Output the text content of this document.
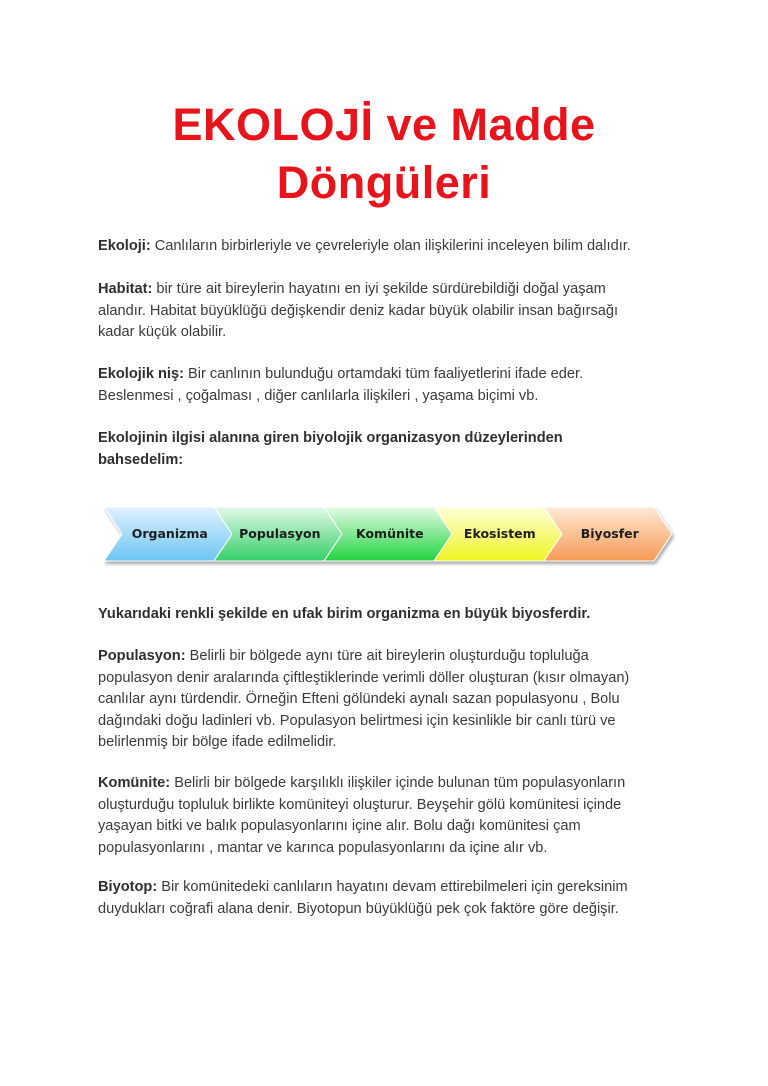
EKOLOJİ ve Madde
Döngüleri
Ekoloji: Canlıların birbirleriyle ve çevreleriyle olan ilişkilerini inceleyen bilim dalıdır.
Habitat: bir türe ait bireylerin hayatını en iyi şekilde sürdürebildiği doğal yaşam
alandır. Habitat büyüklüğü değişkendir deniz kadar büyük olabilir insan bağırsağı
kadar küçük olabilir.
Ekolojik niş: Bir canlının bulunduğu ortamdaki tüm faaliyetlerini ifade eder.
Beslenmesi , çoğalması , diğer canlılarla ilişkileri , yaşama biçimi vb.
Ekolojinin ilgisi alanına giren biyolojik organizasyon düzeylerinden
bahsedelim:
Organizma	Populasyon	Komünite	Ekosistem	Biyosfer
Yukarıdaki renkli şekilde en ufak birim organizma en büyük biyosferdir.
Populasyon: Belirli bir bölgede aynı türe ait bireylerin oluşturduğu topluluğa
populasyon denir aralarında çiftleştiklerinde verimli döller oluşturan (kısır olmayan)
canlılar aynı türdendir. Örneğin Efteni gölündeki aynalı sazan populasyonu , Bolu
dağındaki doğu ladinleri vb. Populasyon belirtmesi için kesinlikle bir canlı türü ve
belirlenmiş bir bölge ifade edilmelidir.
Komünite: Belirli bir bölgede karşılıklı ilişkiler içinde bulunan tüm populasyonların
oluşturduğu topluluk birlikte komüniteyi oluşturur. Beyşehir gölü komünitesi içinde
yaşayan bitki ve balık populasyonlarını içine alır. Bolu dağı komünitesi çam
populasyonlarını , mantar ve karınca populasyonlarını da içine alır vb.
Biyotop: Bir komünitedeki canlıların hayatını devam ettirebilmeleri için gereksinim
duydukları coğrafi alana denir. Biyotopun büyüklüğü pek çok faktöre göre değişir.
